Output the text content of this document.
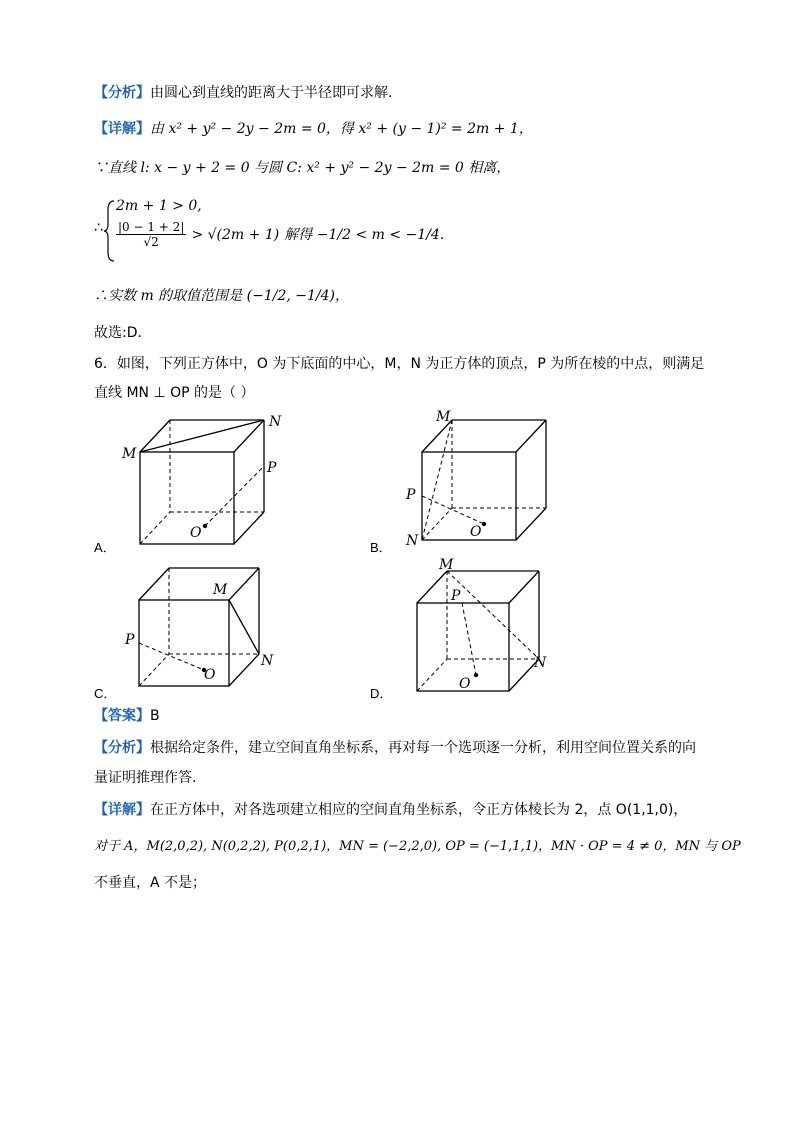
【分析】由圆心到直线的距离大于半径即可求解.
【详解】由 x² + y² − 2y − 2m = 0，得 x² + (y − 1)² = 2m + 1，
∵直线 l: x − y + 2 = 0 与圆 C: x² + y² − 2y − 2m = 0 相离，
∴
2m + 1 > 0,
$\frac{|0 - 1 + 2|}{√2} > √(2m + 1)$ 解得 −1/2 < m < −1/4.
∴实数 m 的取值范围是 (−1/2, −1/4)，
故选:D．
6．如图，下列正方体中，O 为下底面的中心，M，N 为正方体的顶点，P 为所在棱的中点，则满足
直线 MN ⊥ OP 的是（ ）
M
N
P
O
A．
M
N
P
O
B．
M
N
P
O
C．
M
N
P
O
D．
【答案】B
【分析】根据给定条件，建立空间直角坐标系，再对每一个选项逐一分析，利用空间位置关系的向
量证明推理作答.
【详解】在正方体中，对各选项建立相应的空间直角坐标系，令正方体棱长为 2，点 O(1,1,0)，
对于 A，M(2,0,2), N(0,2,2), P(0,2,1)，MN = (−2,2,0), OP = (−1,1,1)，MN · OP = 4 ≠ 0，MN 与 OP
不垂直，A 不是；
